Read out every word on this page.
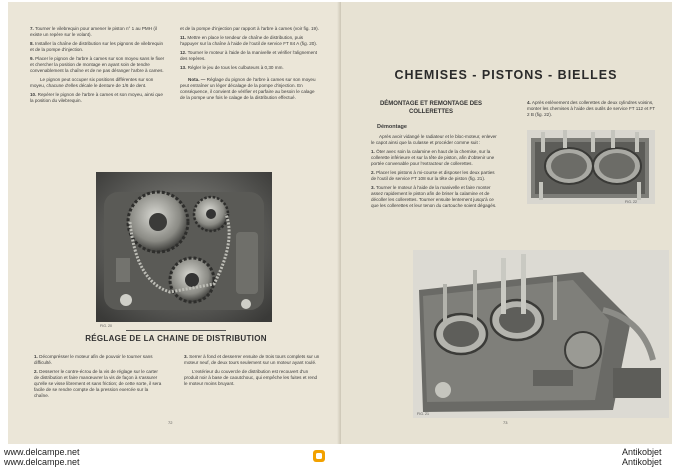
7. Tourner le vilebrequin pour amener le piston n° 1 au PMH (il existe un repère sur le volant).

8. Installer la chaîne de distribution sur les pignons de vilebrequin et de la pompe d'injection.

9. Placer le pignon de l'arbre à cames sur son moyeu sans le fixer et chercher la position de montage en ayant soin de tendre convenablement la chaîne et de ne pas déranger l'arbre à cames.

Le pignon peut occuper six positions différentes sur son moyeu, chacune d'elles décale le denture de 1/6 de dent.

10. Repérer le pignon de l'arbre à cames et son moyeu, ainsi que la position du vilebrequin.

et de la pompe d'injection par rapport à l'arbre à cames (voir fig. 19).

11. Mettre en place le tendeur de chaîne de distribution, puis l'appuyer sur la chaîne à l'aide de l'outil de service FT 84 A (fig. 20).

12. Tourner le moteur à l'aide de la manivelle et vérifier l'alignement des repères.

13. Régler le jeu de tous les culbuteurs à 0,30 mm.

Nota. — Réglage du pignon de l'arbre à cames sur son moyeu peut entraîner un léger décalage de la pompe d'injection. En conséquence, il convient de vérifier et parfaire au besoin le calage de la pompe une fois le calage de la distribution effectué.

FIG. 20
RÉGLAGE DE LA CHAINE DE DISTRIBUTION

1. Décomprésser le moteur afin de pouvoir le tourner sans difficulté.

2. Desserrer le contre-écrou de la vis de réglage sur le carter de distribution et faire manœuvrer la vis de façon à s'assurer qu'elle se visse librement et sans friction; de cette sorte, il sera facile de se rendre compte de la pression exercée sur la chaîne.

3. Serrer à fond et desserrer ensuite de trois tours complets sur un moteur neuf, de deux tours seulement sur un moteur ayant roulé.

L'extérieur du couvercle de distribution est recouvert d'un produit noir à base de caoutchouc, qui empêche les fuites et rend le moteur moins bruyant.

72
CHEMISES - PISTONS - BIELLES
DÉMONTAGE ET REMONTAGE DES COLLERETTES
Démontage

Après avoir vidangé le radiateur et le bloc-moteur, enlever le capot ainsi que la culasse et procéder comme suit :

1. Ôter avec soin la calamine en haut de la chemise, sur la collerette inférieure et sur la tête de piston, afin d'obtenir une portée convenable pour l'extracteur de collerettes.

2. Placer les pistons à mi-course et disposer les deux parties de l'outil de service FT 108 sur la tête de piston (fig. 21).

3. Tourner le moteur à l'aide de la manivelle et faire monter assez rapidement le piston afin de briser la calamine et de décoller les collerettes. Tourner ensuite lentement jusqu'à ce que les collerettes et leur tenon du cartouche soient dégagés.

4. Après enlèvement des collerettes de deux cylindres voisins, monter les chemises à l'aide des outils de service FT 112 et FT 2 B (fig. 22).

FIG. 22
FIG. 21
73
www.delcampe.net
www.delcampe.net
Antikobjet
Antikobjet
